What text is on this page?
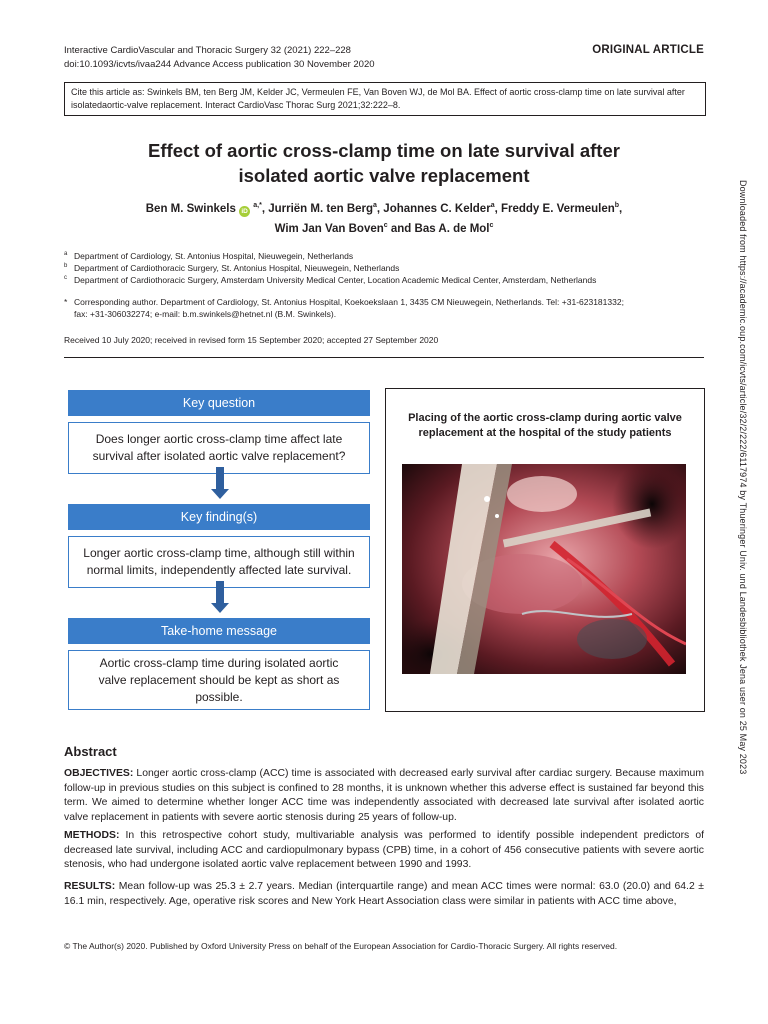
Interactive CardioVascular and Thoracic Surgery 32 (2021) 222–228
doi:10.1093/icvts/ivaa244 Advance Access publication 30 November 2020
ORIGINAL ARTICLE
Cite this article as: Swinkels BM, ten Berg JM, Kelder JC, Vermeulen FE, Van Boven WJ, de Mol BA. Effect of aortic cross-clamp time on late survival after isolatedaortic-valve replacement. Interact CardioVasc Thorac Surg 2021;32:222–8.
Effect of aortic cross-clamp time on late survival after
isolated aortic valve replacement
Ben M. Swinkels iD $^{a,*}$, Jurriën M. ten Berg$^a$, Johannes C. Kelder$^a$, Freddy E. Vermeulen$^b$,
Wim Jan Van Boven$^c$ and Bas A. de Mol$^c$
a Department of Cardiology, St. Antonius Hospital, Nieuwegein, Netherlands
b Department of Cardiothoracic Surgery, St. Antonius Hospital, Nieuwegein, Netherlands
c Department of Cardiothoracic Surgery, Amsterdam University Medical Center, Location Academic Medical Center, Amsterdam, Netherlands
* Corresponding author. Department of Cardiology, St. Antonius Hospital, Koekoekslaan 1, 3435 CM Nieuwegein, Netherlands. Tel: +31-623181332;
fax: +31-306032274; e-mail: b.m.swinkels@hetnet.nl (B.M. Swinkels).
Received 10 July 2020; received in revised form 15 September 2020; accepted 27 September 2020
Key question
Does longer aortic cross-clamp time affect late survival after isolated aortic valve replacement?
Key finding(s)
Longer aortic cross-clamp time, although still within normal limits, independently affected late survival.
Take-home message
Aortic cross-clamp time during isolated aortic valve replacement should be kept as short as possible.
Placing of the aortic cross-clamp during aortic valve replacement at the hospital of the study patients
Abstract
OBJECTIVES: Longer aortic cross-clamp (ACC) time is associated with decreased early survival after cardiac surgery. Because maximum follow-up in previous studies on this subject is confined to 28 months, it is unknown whether this adverse effect is sustained far beyond this term. We aimed to determine whether longer ACC time was independently associated with decreased late survival after isolated aortic valve replacement in patients with severe aortic stenosis during 25 years of follow-up.
METHODS: In this retrospective cohort study, multivariable analysis was performed to identify possible independent predictors of decreased late survival, including ACC and cardiopulmonary bypass (CPB) time, in a cohort of 456 consecutive patients with severe aortic stenosis, who had undergone isolated aortic valve replacement between 1990 and 1993.
RESULTS: Mean follow-up was 25.3 ± 2.7 years. Median (interquartile range) and mean ACC times were normal: 63.0 (20.0) and 64.2 ± 16.1 min, respectively. Age, operative risk scores and New York Heart Association class were similar in patients with ACC time above,
© The Author(s) 2020. Published by Oxford University Press on behalf of the European Association for Cardio-Thoracic Surgery. All rights reserved.
Downloaded from https://academic.oup.com/icvts/article/32/2/222/6117974 by Thueringer Univ. und Landesbibliothek Jena user on 25 May 2023
